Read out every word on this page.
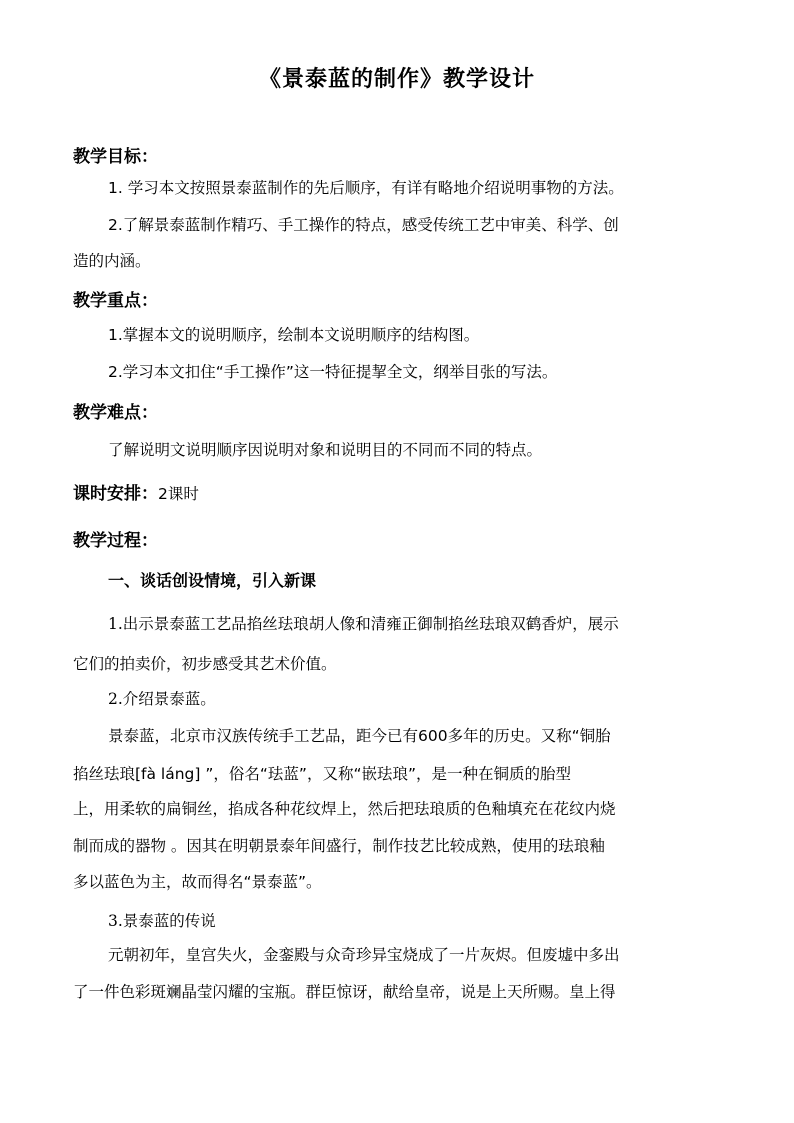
《景泰蓝的制作》教学设计
教学目标：
1. 学习本文按照景泰蓝制作的先后顺序，有详有略地介绍说明事物的方法。
2.了解景泰蓝制作精巧、手工操作的特点，感受传统工艺中审美、科学、创
造的内涵。
教学重点：
1.掌握本文的说明顺序，绘制本文说明顺序的结构图。
2.学习本文扣住“手工操作”这一特征提挈全文，纲举目张的写法。
教学难点：
了解说明文说明顺序因说明对象和说明目的不同而不同的特点。
课时安排：2课时
教学过程：
一、谈话创设情境，引入新课
1.出示景泰蓝工艺品掐丝珐琅胡人像和清雍正御制掐丝珐琅双鹤香炉，展示
它们的拍卖价，初步感受其艺术价值。
2.介绍景泰蓝。
景泰蓝，北京市汉族传统手工艺品，距今已有600多年的历史。又称“铜胎
掐丝珐琅[fà láng] ”，俗名“珐蓝”，又称“嵌珐琅”，是一种在铜质的胎型
上，用柔软的扁铜丝，掐成各种花纹焊上，然后把珐琅质的色釉填充在花纹内烧
制而成的器物 。因其在明朝景泰年间盛行，制作技艺比较成熟，使用的珐琅釉
多以蓝色为主，故而得名“景泰蓝”。
3.景泰蓝的传说
元朝初年，皇宫失火，金銮殿与众奇珍异宝烧成了一片灰烬。但废墟中多出
了一件色彩斑斓晶莹闪耀的宝瓶。群臣惊讶，献给皇帝，说是上天所赐。皇上得
